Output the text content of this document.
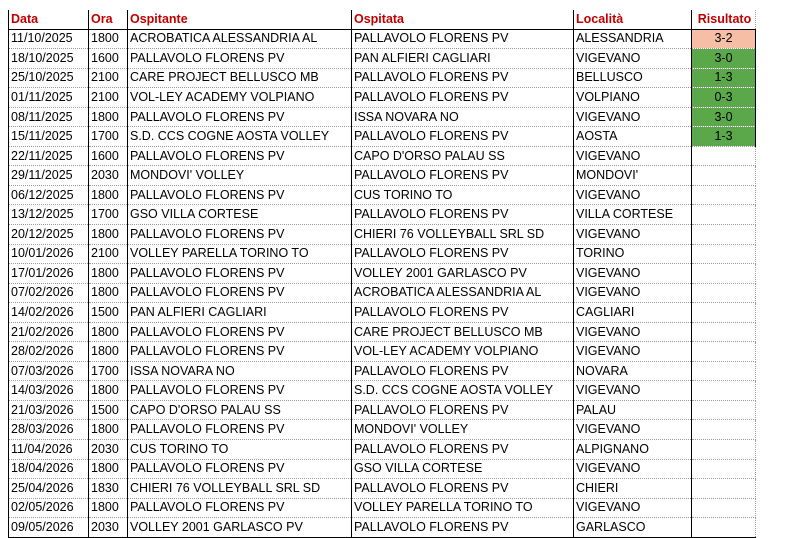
Data	Ora	Ospitante	Ospitata	Località	Risultato
11/10/2025	1800	ACROBATICA ALESSANDRIA AL	PALLAVOLO FLORENS PV	ALESSANDRIA	3-2
18/10/2025	1600	PALLAVOLO FLORENS PV	PAN ALFIERI CAGLIARI	VIGEVANO	3-0
25/10/2025	2100	CARE PROJECT BELLUSCO MB	PALLAVOLO FLORENS PV	BELLUSCO	1-3
01/11/2025	2100	VOL-LEY ACADEMY VOLPIANO	PALLAVOLO FLORENS PV	VOLPIANO	0-3
08/11/2025	1800	PALLAVOLO FLORENS PV	ISSA NOVARA NO	VIGEVANO	3-0
15/11/2025	1700	S.D. CCS COGNE AOSTA VOLLEY	PALLAVOLO FLORENS PV	AOSTA	1-3
22/11/2025	1600	PALLAVOLO FLORENS PV	CAPO D'ORSO PALAU SS	VIGEVANO	
29/11/2025	2030	MONDOVI' VOLLEY	PALLAVOLO FLORENS PV	MONDOVI'	
06/12/2025	1800	PALLAVOLO FLORENS PV	CUS TORINO TO	VIGEVANO	
13/12/2025	1700	GSO VILLA CORTESE	PALLAVOLO FLORENS PV	VILLA CORTESE	
20/12/2025	1800	PALLAVOLO FLORENS PV	CHIERI 76 VOLLEYBALL SRL SD	VIGEVANO	
10/01/2026	2100	VOLLEY PARELLA TORINO TO	PALLAVOLO FLORENS PV	TORINO	
17/01/2026	1800	PALLAVOLO FLORENS PV	VOLLEY 2001 GARLASCO PV	VIGEVANO	
07/02/2026	1800	PALLAVOLO FLORENS PV	ACROBATICA ALESSANDRIA AL	VIGEVANO	
14/02/2026	1500	PAN ALFIERI CAGLIARI	PALLAVOLO FLORENS PV	CAGLIARI	
21/02/2026	1800	PALLAVOLO FLORENS PV	CARE PROJECT BELLUSCO MB	VIGEVANO	
28/02/2026	1800	PALLAVOLO FLORENS PV	VOL-LEY ACADEMY VOLPIANO	VIGEVANO	
07/03/2026	1700	ISSA NOVARA NO	PALLAVOLO FLORENS PV	NOVARA	
14/03/2026	1800	PALLAVOLO FLORENS PV	S.D. CCS COGNE AOSTA VOLLEY	VIGEVANO	
21/03/2026	1500	CAPO D'ORSO PALAU SS	PALLAVOLO FLORENS PV	PALAU	
28/03/2026	1800	PALLAVOLO FLORENS PV	MONDOVI' VOLLEY	VIGEVANO	
11/04/2026	2030	CUS TORINO TO	PALLAVOLO FLORENS PV	ALPIGNANO	
18/04/2026	1800	PALLAVOLO FLORENS PV	GSO VILLA CORTESE	VIGEVANO	
25/04/2026	1830	CHIERI 76 VOLLEYBALL SRL SD	PALLAVOLO FLORENS PV	CHIERI	
02/05/2026	1800	PALLAVOLO FLORENS PV	VOLLEY PARELLA TORINO TO	VIGEVANO	
09/05/2026	2030	VOLLEY 2001 GARLASCO PV	PALLAVOLO FLORENS PV	GARLASCO	
